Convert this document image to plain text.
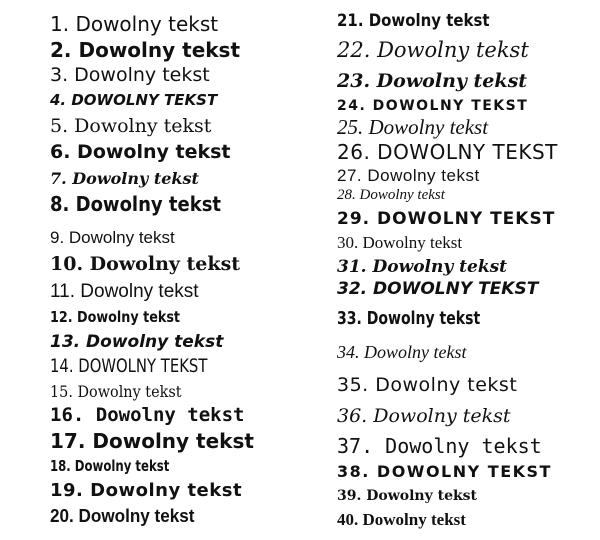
1. Dowolny tekst
2. Dowolny tekst
3. Dowolny tekst
4. DOWOLNY TEKST
5. Dowolny tekst
6. Dowolny tekst
7. Dowolny tekst
8. Dowolny tekst
9. Dowolny tekst
10. Dowolny tekst
11. Dowolny tekst
12. Dowolny tekst
13. Dowolny tekst
14. DOWOLNY TEKST
15. Dowolny tekst
16. Dowolny tekst
17. Dowolny tekst
18. Dowolny tekst
19. Dowolny tekst
20. Dowolny tekst
21. Dowolny tekst
22. Dowolny tekst
23. Dowolny tekst
24. DOWOLNY TEKST
25. Dowolny tekst
26. DOWOLNY TEKST
27. Dowolny tekst
28. Dowolny tekst
29. DOWOLNY TEKST
30. Dowolny tekst
31. Dowolny tekst
32. DOWOLNY TEKST
33. Dowolny tekst
34. Dowolny tekst
35. Dowolny tekst
36. Dowolny tekst
37. Dowolny tekst
38. DOWOLNY TEKST
39. Dowolny tekst
40. Dowolny tekst
